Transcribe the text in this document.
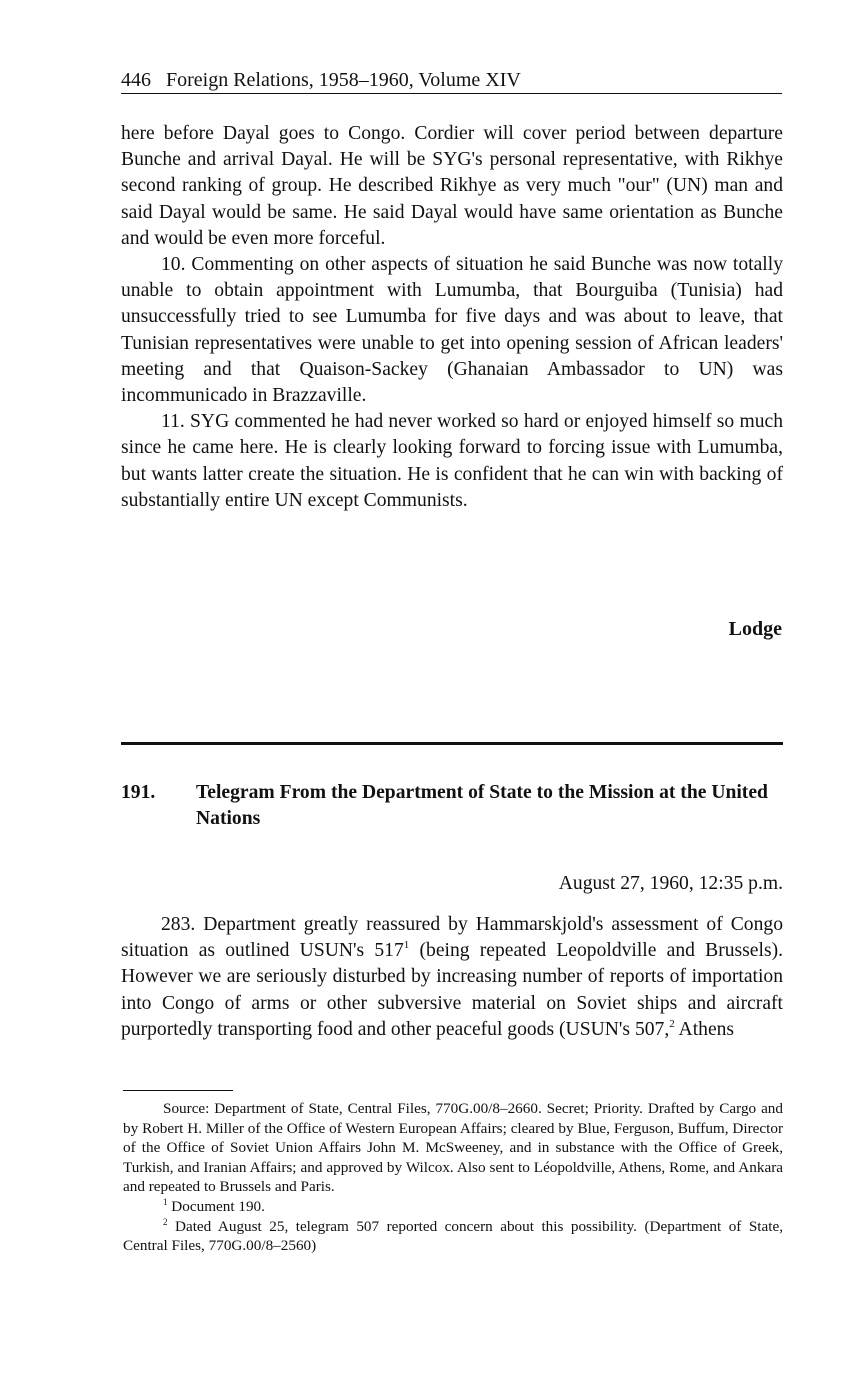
446 Foreign Relations, 1958–1960, Volume XIV

here before Dayal goes to Congo. Cordier will cover period between departure Bunche and arrival Dayal. He will be SYG's personal representative, with Rikhye second ranking of group. He described Rikhye as very much "our" (UN) man and said Dayal would be same. He said Dayal would have same orientation as Bunche and would be even more forceful.

10. Commenting on other aspects of situation he said Bunche was now totally unable to obtain appointment with Lumumba, that Bourguiba (Tunisia) had unsuccessfully tried to see Lumumba for five days and was about to leave, that Tunisian representatives were unable to get into opening session of African leaders' meeting and that Quaison-Sackey (Ghanaian Ambassador to UN) was incommunicado in Brazzaville.

11. SYG commented he had never worked so hard or enjoyed himself so much since he came here. He is clearly looking forward to forcing issue with Lumumba, but wants latter create the situation. He is confident that he can win with backing of substantially entire UN except Communists.

Lodge
191. Telegram From the Department of State to the Mission at the United Nations
August 27, 1960, 12:35 p.m.

283. Department greatly reassured by Hammarskjold's assessment of Congo situation as outlined USUN's $517^1$ (being repeated Leopoldville and Brussels). However we are seriously disturbed by increasing number of reports of importation into Congo of arms or other subversive material on Soviet ships and aircraft purportedly transporting food and other peaceful goods (USUN's 507,$^2$ Athens

Source: Department of State, Central Files, 770G.00/8–2660. Secret; Priority. Drafted by Cargo and by Robert H. Miller of the Office of Western European Affairs; cleared by Blue, Ferguson, Buffum, Director of the Office of Soviet Union Affairs John M. McSweeney, and in substance with the Office of Greek, Turkish, and Iranian Affairs; and approved by Wilcox. Also sent to Léopoldville, Athens, Rome, and Ankara and repeated to Brussels and Paris.

$^1$ Document 190.

$^2$ Dated August 25, telegram 507 reported concern about this possibility. (Department of State, Central Files, 770G.00/8–2560)
